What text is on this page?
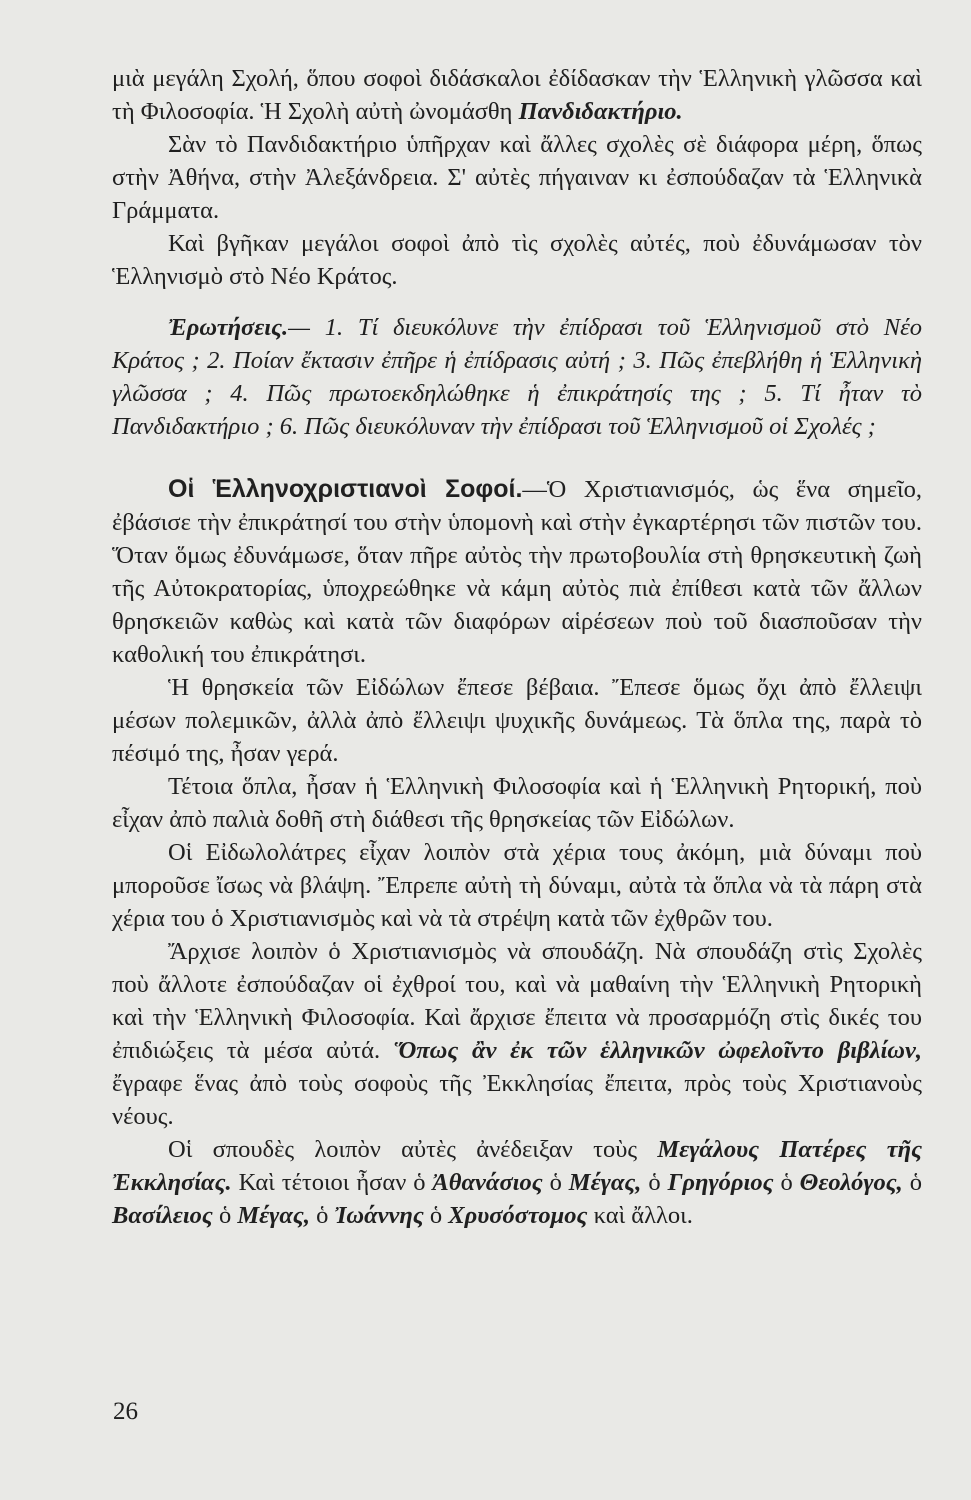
μιὰ μεγάλη Σχολή, ὅπου σοφοὶ διδάσκαλοι ἐδίδασκαν τὴν Ἑλληνικὴ γλῶσσα καὶ τὴ Φιλοσοφία. Ἡ Σχολὴ αὐτὴ ὠνομάσθη Πανδιδακτήριο.

Σὰν τὸ Πανδιδακτήριο ὑπῆρχαν καὶ ἄλλες σχολὲς σὲ διάφορα μέρη, ὅπως στὴν Ἀθήνα, στὴν Ἀλεξάνδρεια. Σ' αὐτὲς πήγαιναν κι ἐσπούδαζαν τὰ Ἑλληνικὰ Γράμματα.

Καὶ βγῆκαν μεγάλοι σοφοὶ ἀπὸ τὶς σχολὲς αὐτές, ποὺ ἐδυνάμωσαν τὸν Ἑλληνισμὸ στὸ Νέο Κράτος.

Ἐρωτήσεις.— 1. Τί διευκόλυνε τὴν ἐπίδρασι τοῦ Ἑλληνισμοῦ στὸ Νέο Κράτος ; 2. Ποίαν ἔκτασιν ἐπῆρε ἡ ἐπίδρασις αὐτή ; 3. Πῶς ἐπεβλήθη ἡ Ἑλληνικὴ γλῶσσα ; 4. Πῶς πρωτοεκδηλώθηκε ἡ ἐπικράτησίς της ; 5. Τί ἦταν τὸ Πανδιδακτήριο ; 6. Πῶς διευκόλυναν τὴν ἐπίδρασι τοῦ Ἑλληνισμοῦ οἱ Σχολές ;

Οἱ Ἑλληνοχριστιανοὶ Σοφοί.—Ὁ Χριστιανισμός, ὡς ἕνα σημεῖο, ἐβάσισε τὴν ἐπικράτησί του στὴν ὑπομονὴ καὶ στὴν ἐγκαρτέρησι τῶν πιστῶν του. Ὅταν ὅμως ἐδυνάμωσε, ὅταν πῆρε αὐτὸς τὴν πρωτοβουλία στὴ θρησκευτικὴ ζωὴ τῆς Αὐτοκρατορίας, ὑποχρεώθηκε νὰ κάμη αὐτὸς πιὰ ἐπίθεσι κατὰ τῶν ἄλλων θρησκειῶν καθὼς καὶ κατὰ τῶν διαφόρων αἱρέσεων ποὺ τοῦ διασποῦσαν τὴν καθολική του ἐπικράτησι.

Ἡ θρησκεία τῶν Εἰδώλων ἔπεσε βέβαια. Ἔπεσε ὅμως ὄχι ἀπὸ ἔλλειψι μέσων πολεμικῶν, ἀλλὰ ἀπὸ ἔλλειψι ψυχικῆς δυνάμεως. Τὰ ὅπλα της, παρὰ τὸ πέσιμό της, ἦσαν γερά.

Τέτοια ὅπλα, ἦσαν ἡ Ἑλληνικὴ Φιλοσοφία καὶ ἡ Ἑλληνικὴ Ρητορική, ποὺ εἶχαν ἀπὸ παλιὰ δοθῆ στὴ διάθεσι τῆς θρησκείας τῶν Εἰδώλων.

Οἱ Εἰδωλολάτρες εἶχαν λοιπὸν στὰ χέρια τους ἀκόμη, μιὰ δύναμι ποὺ μποροῦσε ἴσως νὰ βλάψη. Ἔπρεπε αὐτὴ τὴ δύναμι, αὐτὰ τὰ ὅπλα νὰ τὰ πάρη στὰ χέρια του ὁ Χριστιανισμὸς καὶ νὰ τὰ στρέψη κατὰ τῶν ἐχθρῶν του.

Ἄρχισε λοιπὸν ὁ Χριστιανισμὸς νὰ σπουδάζη. Νὰ σπουδάζη στὶς Σχολὲς ποὺ ἄλλοτε ἐσπούδαζαν οἱ ἐχθροί του, καὶ νὰ μαθαίνη τὴν Ἑλληνικὴ Ρητορικὴ καὶ τὴν Ἑλληνικὴ Φιλοσοφία. Καὶ ἄρχισε ἔπειτα νὰ προσαρμόζη στὶς δικές του ἐπιδιώξεις τὰ μέσα αὐτά. Ὅπως ἂν ἐκ τῶν ἑλληνικῶν ὠφελοῖντο βιβλίων, ἔγραφε ἕνας ἀπὸ τοὺς σοφοὺς τῆς Ἐκκλησίας ἔπειτα, πρὸς τοὺς Χριστιανοὺς νέους.

Οἱ σπουδὲς λοιπὸν αὐτὲς ἀνέδειξαν τοὺς Μεγάλους Πατέρες τῆς Ἐκκλησίας. Καὶ τέτοιοι ἦσαν ὁ Ἀθανάσιος ὁ Μέγας, ὁ Γρηγόριος ὁ Θεολόγος, ὁ Βασίλειος ὁ Μέγας, ὁ Ἰωάννης ὁ Χρυσόστομος καὶ ἄλλοι.

26
